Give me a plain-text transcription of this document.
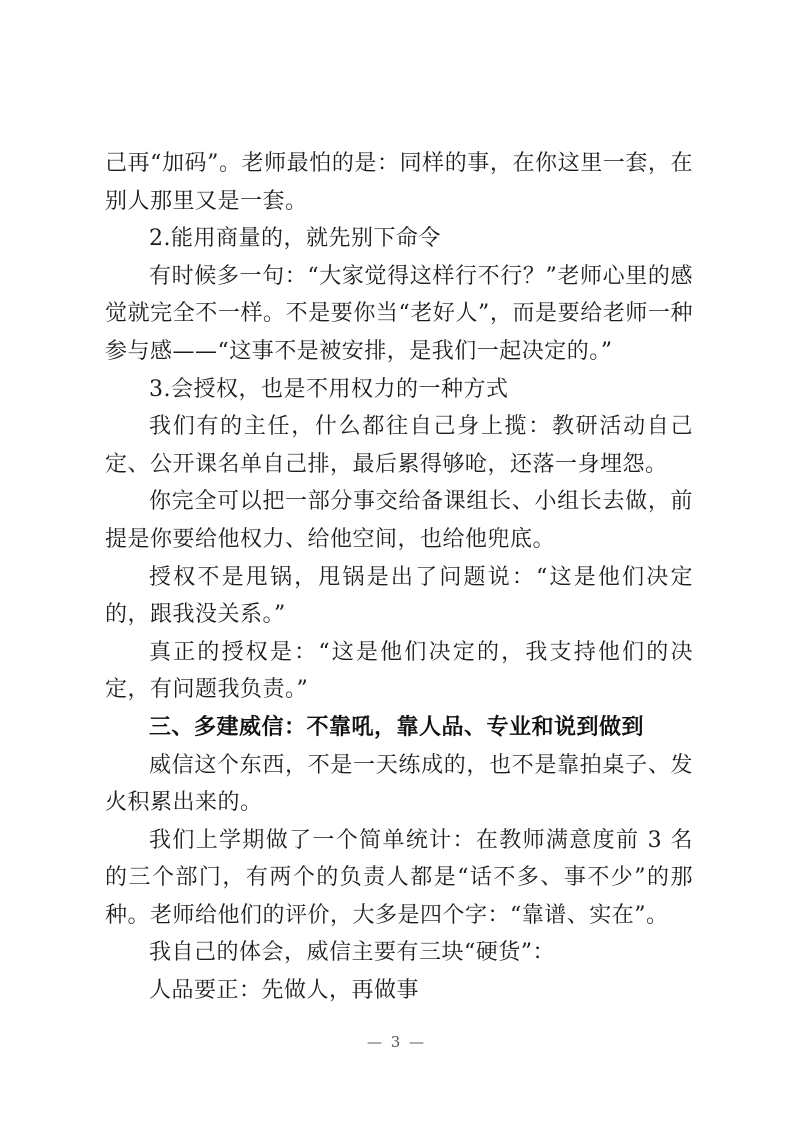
己再“加码”。老师最怕的是：同样的事，在你这里一套，在别人那里又是一套。

2.能用商量的，就先别下命令

有时候多一句：“大家觉得这样行不行？”老师心里的感觉就完全不一样。不是要你当“老好人”，而是要给老师一种参与感——“这事不是被安排，是我们一起决定的。”

3.会授权，也是不用权力的一种方式

我们有的主任，什么都往自己身上揽：教研活动自己定、公开课名单自己排，最后累得够呛，还落一身埋怨。

你完全可以把一部分事交给备课组长、小组长去做，前提是你要给他权力、给他空间，也给他兜底。

授权不是甩锅，甩锅是出了问题说：“这是他们决定的，跟我没关系。”

真正的授权是：“这是他们决定的，我支持他们的决定，有问题我负责。”

三、多建威信：不靠吼，靠人品、专业和说到做到

威信这个东西，不是一天练成的，也不是靠拍桌子、发火积累出来的。

我们上学期做了一个简单统计：在教师满意度前 3 名的三个部门，有两个的负责人都是“话不多、事不少”的那种。老师给他们的评价，大多是四个字：“靠谱、实在”。

我自己的体会，威信主要有三块“硬货”：

人品要正：先做人，再做事

— 3 —
